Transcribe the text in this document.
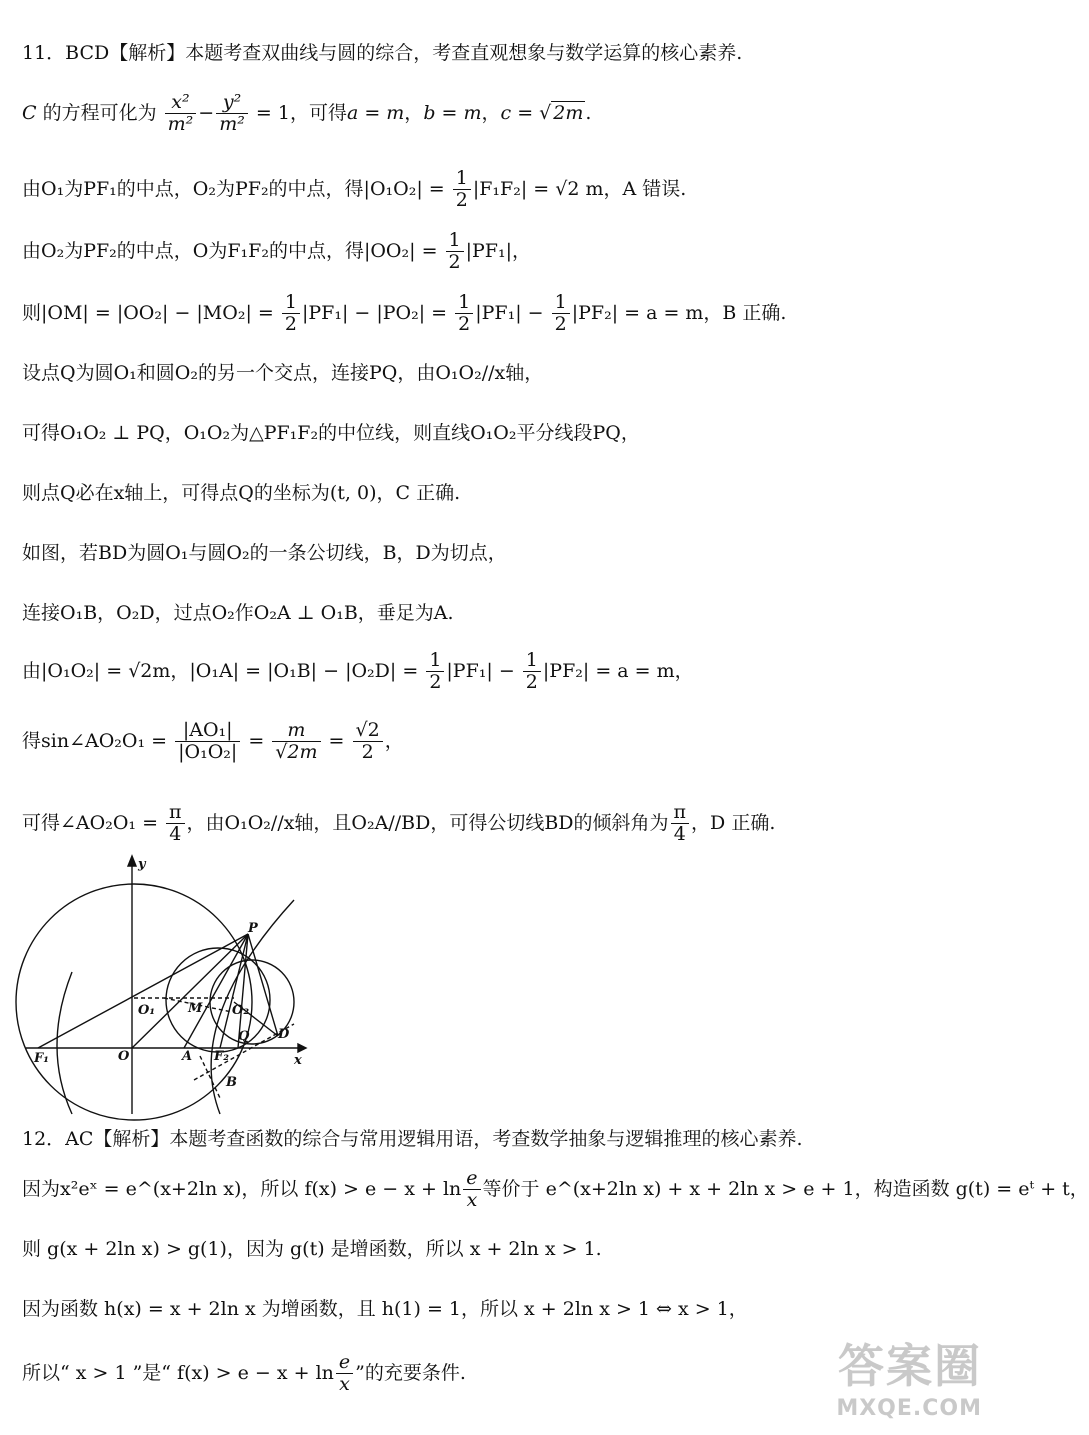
11．BCD【解析】本题考查双曲线与圆的综合，考查直观想象与数学运算的核心素养.
C 的方程可化为 $\frac{\text{x²}}{\text{m²}} - \frac{\text{y²}}{\text{m²}} = 1$，可得a = m，b = m，c = √ 2m .
由O₁为PF₁的中点，O₂为PF₂的中点，得$|O_1O_2| = \frac{1}{2} |F_1F_2| = √2$ m，A 错误.
由O₂为PF₂的中点，O为F₁F₂的中点，得$|OO_2| = \frac{1}{2} |PF_1|$，
则$|OM| = |OO_2| - |MO_2| = \frac{1}{2} |PF_1| - |PO_2| = \frac{1}{2} |PF_1| - \frac{1}{2} |PF_2| = a = m$，B 正确.
设点Q为圆O₁和圆O₂的另一个交点，连接PQ，由O₁O₂//x轴，
可得O₁O₂ ⊥ PQ，O₁O₂为△PF₁F₂的中位线，则直线O₁O₂平分线段PQ，
则点Q必在x轴上，可得点Q的坐标为(t, 0)，C 正确.
如图，若BD为圆O₁与圆O₂的一条公切线，B，D为切点，
连接O₁B，O₂D，过点O₂作O₂A ⊥ O₁B，垂足为A.
由|O₁O₂| = √2m，$|O_1A| = |O_1B| - |O_2D| = \frac{1}{2} |PF_1| - \frac{1}{2} |PF_2| = a = m$，
得sin∠AO₂O₁ = $\frac{\text{|AO₁|}}{\text{|O₁O₂|}} = \frac{m}{√2m} = \frac{√2}{2}$ ，
可得∠AO₂O₁ = $\frac{\pi}{4}$ ，由O₁O₂//x轴，且O₂A//BD，可得公切线BD的倾斜角为 $\frac{\pi}{4}$ ，D 正确.
y
x
P
O₁	M O₂
Q D
F₁	O	A F₂
B
12．AC【解析】本题考查函数的综合与常用逻辑用语，考查数学抽象与逻辑推理的核心素养.
因为x²eˣ = e^(x+2ln x)，所以 $f(x) > e - x + \ln \frac{e}{x}$ 等价于 e^(x+2ln x) + x + 2ln x > e + 1，构造函数 g(t) = eᵗ + t，
则 g(x + 2ln x) > g(1)，因为 g(t) 是增函数，所以 x + 2ln x > 1.
因为函数 h(x) = x + 2ln x 为增函数，且 h(1) = 1，所以 x + 2ln x > 1 ⇔ x > 1，
所以“ x > 1 ”是“ $f(x) > e - x + \ln \frac{e}{x}$ ”的充要条件.	答案圈
MXQE.COM
